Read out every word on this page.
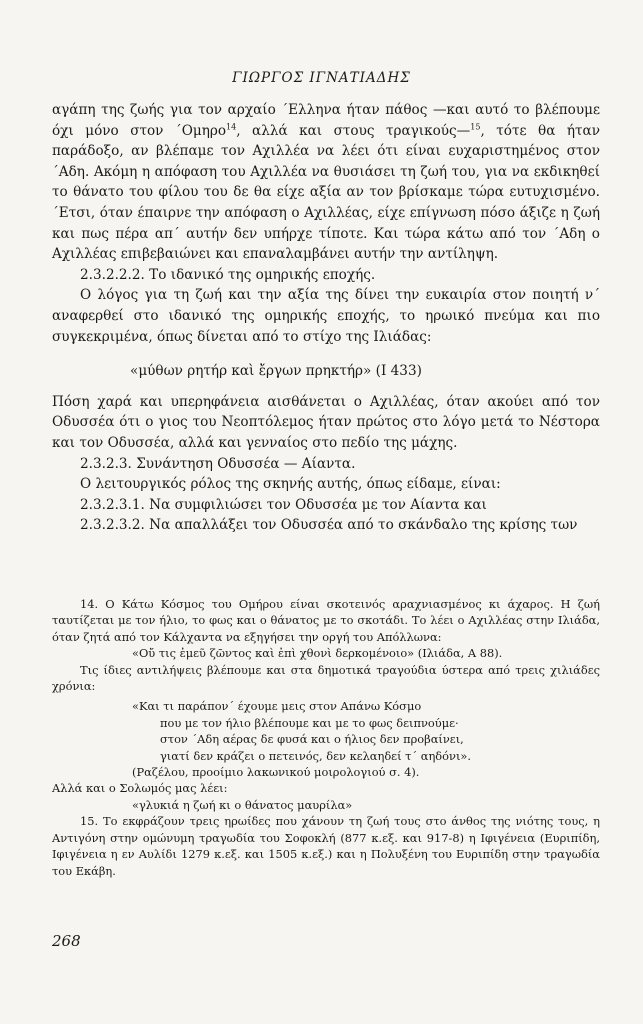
ΓΙΩΡΓΟΣ ΙΓΝΑΤΙΑΔΗΣ

αγάπη της ζωής για τον αρχαίο ΄Ελληνα ήταν πάθος —και αυτό το βλέπουμε όχι μόνο στον ΄Ομηρο$^{14}$, αλλά και στους τραγικούς—$^{15}$, τότε θα ήταν παράδοξο, αν βλέπαμε τον Αχιλλέα να λέει ότι είναι ευχαριστημένος στον ΄Αδη. Ακόμη η απόφαση του Αχιλλέα να θυσιάσει τη ζωή του, για να εκδικηθεί το θάνατο του φίλου του δε θα είχε αξία αν τον βρίσκαμε τώρα ευτυχισμένο. ΄Ετσι, όταν έπαιρνε την απόφαση ο Αχιλλέας, είχε επίγνωση πόσο άξιζε η ζωή και πως πέρα απ΄ αυτήν δεν υπήρχε τίποτε. Και τώρα κάτω από τον ΄Αδη ο Αχιλλέας επιβεβαιώνει και επαναλαμβάνει αυτήν την αντίληψη.

2.3.2.2.2. Το ιδανικό της ομηρικής εποχής.

Ο λόγος για τη ζωή και την αξία της δίνει την ευκαιρία στον ποιητή ν΄ αναφερθεί στο ιδανικό της ομηρικής εποχής, το ηρωικό πνεύμα και πιο συγκεκριμένα, όπως δίνεται από το στίχο της Ιλιάδας:

«μύθων ρητήρ καὶ ἔργων πρηκτήρ» (Ι 433)

Πόση χαρά και υπερηφάνεια αισθάνεται ο Αχιλλέας, όταν ακούει από τον Οδυσσέα ότι ο γιος του Νεοπτόλεμος ήταν πρώτος στο λόγο μετά το Νέστορα και τον Οδυσσέα, αλλά και γενναίος στο πεδίο της μάχης.

2.3.2.3. Συνάντηση Οδυσσέα — Αίαντα.

Ο λειτουργικός ρόλος της σκηνής αυτής, όπως είδαμε, είναι:

2.3.2.3.1. Να συμφιλιώσει τον Οδυσσέα με τον Αίαντα και

2.3.2.3.2. Να απαλλάξει τον Οδυσσέα από το σκάνδαλο της κρίσης των

14. Ο Κάτω Κόσμος του Ομήρου είναι σκοτεινός αραχνιασμένος κι άχαρος. Η ζωή ταυτίζεται με τον ήλιο, το φως και ο θάνατος με το σκοτάδι. Το λέει ο Αχιλλέας στην Ιλιάδα, όταν ζητά από τον Κάλχαντα να εξηγήσει την οργή του Απόλλωνα:

«Οὔ τις ἐμεῦ ζῶντος καὶ ἐπὶ χθονὶ δερκομένοιο» (Ιλιάδα, Α 88).

Τις ίδιες αντιλήψεις βλέπουμε και στα δημοτικά τραγούδια ύστερα από τρεις χιλιάδες χρόνια:

«Και τι παράπον΄ έχουμε μεις στον Απάνω Κόσμο

που με τον ήλιο βλέπουμε και με το φως δειπνούμε·

στον ΄Αδη αέρας δε φυσά και ο ήλιος δεν προβαίνει,

γιατί δεν κράζει ο πετεινός, δεν κελαηδεί τ΄ αηδόνι».

(Ραζέλου, προοίμιο λακωνικού μοιρολογιού σ. 4).

Αλλά και ο Σολωμός μας λέει:

«γλυκιά η ζωή κι ο θάνατος μαυρίλα»

15. Το εκφράζουν τρεις ηρωίδες που χάνουν τη ζωή τους στο άνθος της νιότης τους, η Αντιγόνη στην ομώνυμη τραγωδία του Σοφοκλή (877 κ.εξ. και 917-8) η Ιφιγένεια (Ευριπίδη, Ιφιγένεια η εν Αυλίδι 1279 κ.εξ. και 1505 κ.εξ.) και η Πολυξένη του Ευριπίδη στην τραγωδία του Εκάβη.

268
